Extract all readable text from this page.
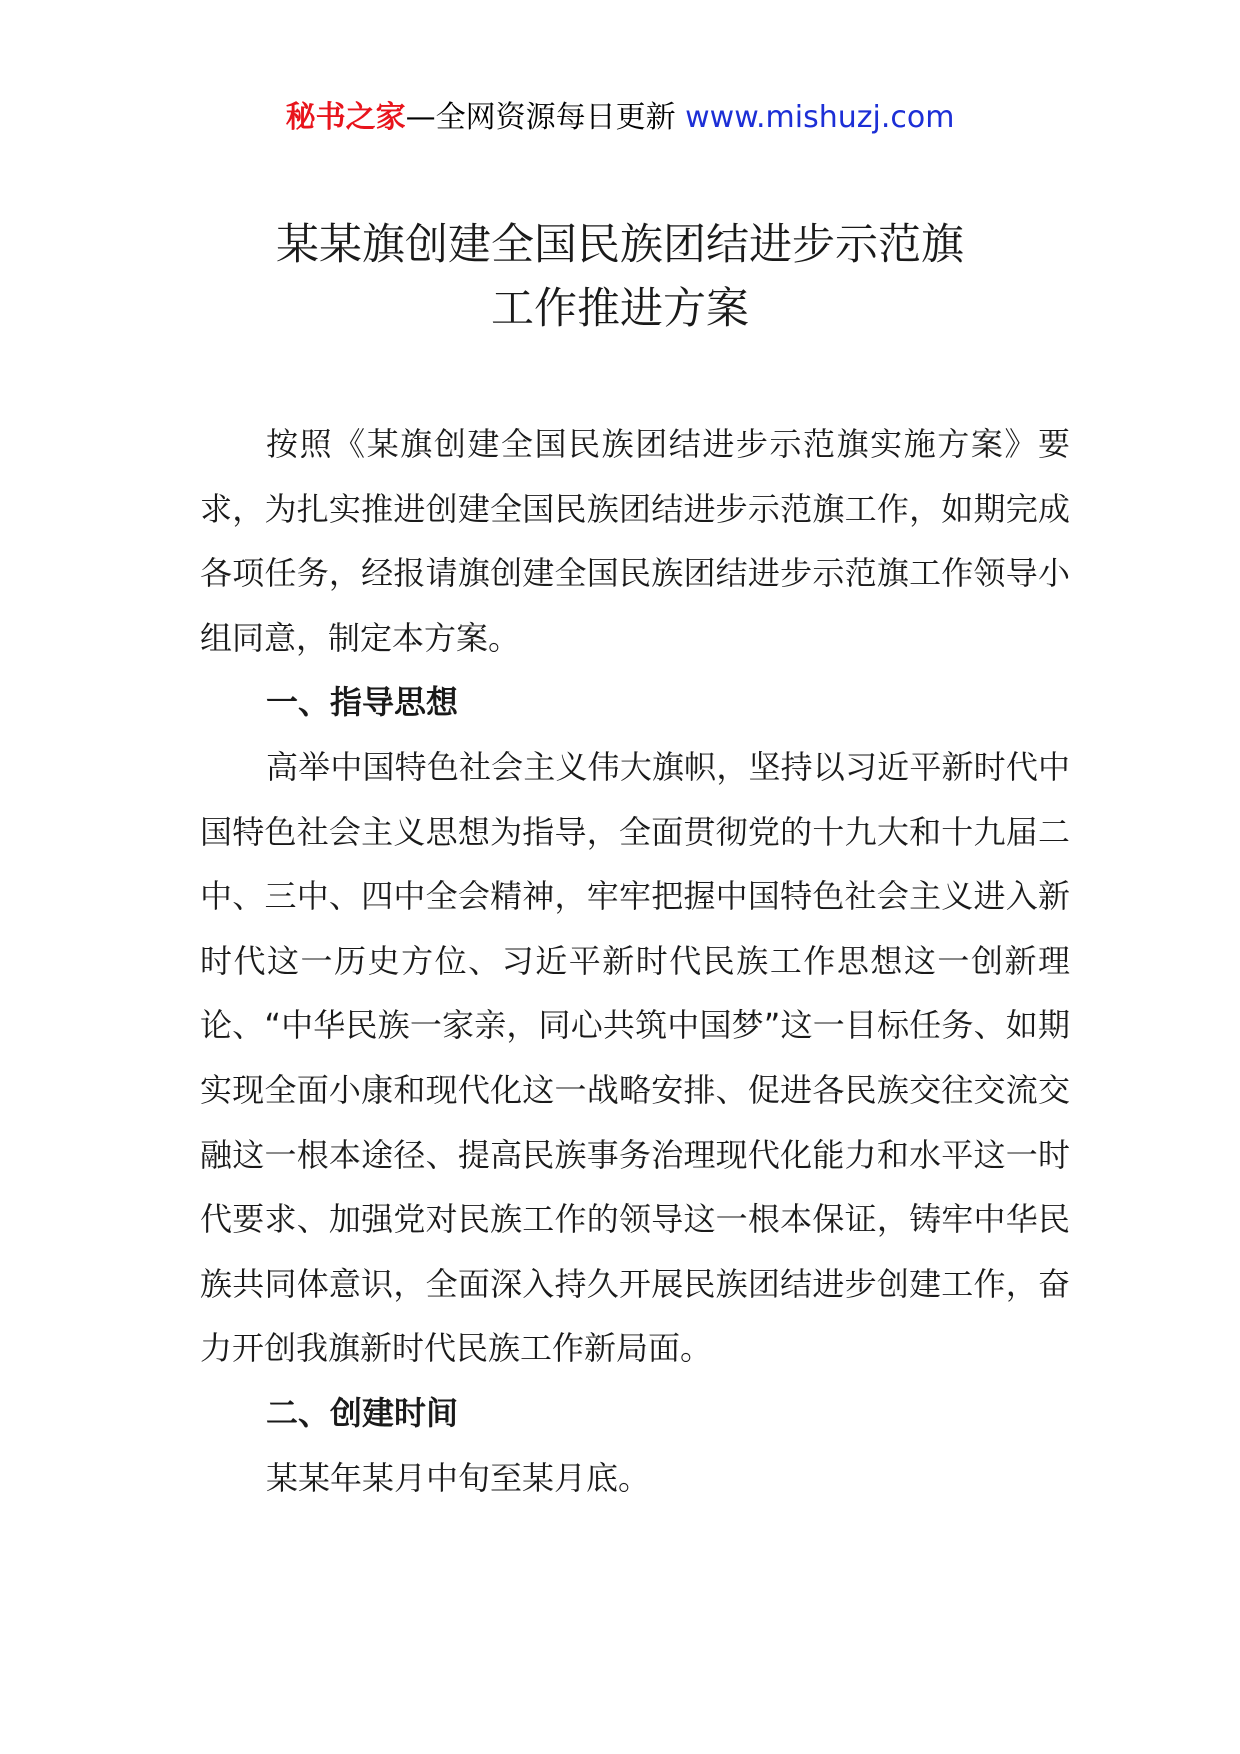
秘书之家—全网资源每日更新 www.mishuzj.com
某某旗创建全国民族团结进步示范旗
工作推进方案

按照《某旗创建全国民族团结进步示范旗实施方案》要求，为扎实推进创建全国民族团结进步示范旗工作，如期完成各项任务，经报请旗创建全国民族团结进步示范旗工作领导小组同意，制定本方案。

一、指导思想

高举中国特色社会主义伟大旗帜，坚持以习近平新时代中国特色社会主义思想为指导，全面贯彻党的十九大和十九届二中、三中、四中全会精神，牢牢把握中国特色社会主义进入新时代这一历史方位、习近平新时代民族工作思想这一创新理论、“中华民族一家亲，同心共筑中国梦”这一目标任务、如期实现全面小康和现代化这一战略安排、促进各民族交往交流交融这一根本途径、提高民族事务治理现代化能力和水平这一时代要求、加强党对民族工作的领导这一根本保证，铸牢中华民族共同体意识，全面深入持久开展民族团结进步创建工作，奋力开创我旗新时代民族工作新局面。

二、创建时间

某某年某月中旬至某月底。
